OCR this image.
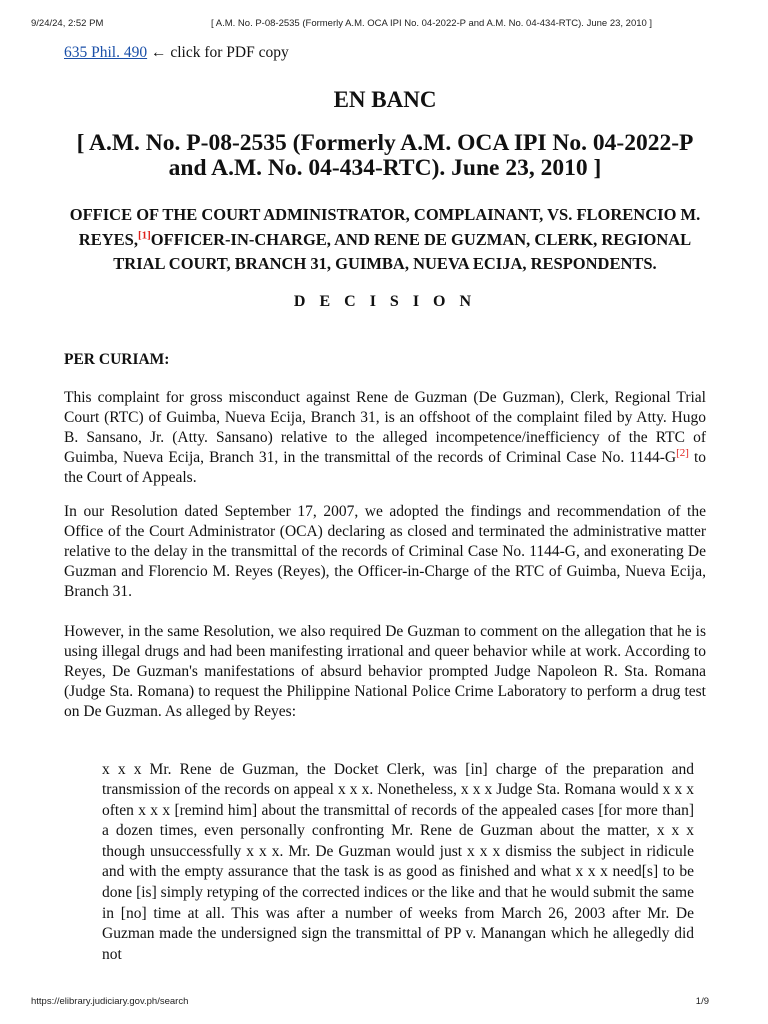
9/24/24, 2:52 PM	[ A.M. No. P-08-2535 (Formerly A.M. OCA IPI No. 04-2022-P and A.M. No. 04-434-RTC). June 23, 2010 ]

635 Phil. 490 ← click for PDF copy

EN BANC
[ A.M. No. P-08-2535 (Formerly A.M. OCA IPI No. 04-2022-P and A.M. No. 04-434-RTC). June 23, 2010 ]
OFFICE OF THE COURT ADMINISTRATOR, COMPLAINANT, VS. FLORENCIO M. REYES,[1]OFFICER-IN-CHARGE, AND RENE DE GUZMAN, CLERK, REGIONAL TRIAL COURT, BRANCH 31, GUIMBA, NUEVA ECIJA, RESPONDENTS.
D E C I S I O N

PER CURIAM:

This complaint for gross misconduct against Rene de Guzman (De Guzman), Clerk, Regional Trial Court (RTC) of Guimba, Nueva Ecija, Branch 31, is an offshoot of the complaint filed by Atty. Hugo B. Sansano, Jr. (Atty. Sansano) relative to the alleged incompetence/inefficiency of the RTC of Guimba, Nueva Ecija, Branch 31, in the transmittal of the records of Criminal Case No. 1144-G[2] to the Court of Appeals.

In our Resolution dated September 17, 2007, we adopted the findings and recommendation of the Office of the Court Administrator (OCA) declaring as closed and terminated the administrative matter relative to the delay in the transmittal of the records of Criminal Case No. 1144-G, and exonerating De Guzman and Florencio M. Reyes (Reyes), the Officer-in-Charge of the RTC of Guimba, Nueva Ecija, Branch 31.

However, in the same Resolution, we also required De Guzman to comment on the allegation that he is using illegal drugs and had been manifesting irrational and queer behavior while at work. According to Reyes, De Guzman's manifestations of absurd behavior prompted Judge Napoleon R. Sta. Romana (Judge Sta. Romana) to request the Philippine National Police Crime Laboratory to perform a drug test on De Guzman. As alleged by Reyes:

x x x Mr. Rene de Guzman, the Docket Clerk, was [in] charge of the preparation and transmission of the records on appeal x x x. Nonetheless, x x x Judge Sta. Romana would x x x often x x x [remind him] about the transmittal of records of the appealed cases [for more than] a dozen times, even personally confronting Mr. Rene de Guzman about the matter, x x x though unsuccessfully x x x. Mr. De Guzman would just x x x dismiss the subject in ridicule and with the empty assurance that the task is as good as finished and what x x x need[s] to be done [is] simply retyping of the corrected indices or the like and that he would submit the same in [no] time at all. This was after a number of weeks from March 26, 2003 after Mr. De Guzman made the undersigned sign the transmittal of PP v. Manangan which he allegedly did not
https://elibrary.judiciary.gov.ph/search	1/9
